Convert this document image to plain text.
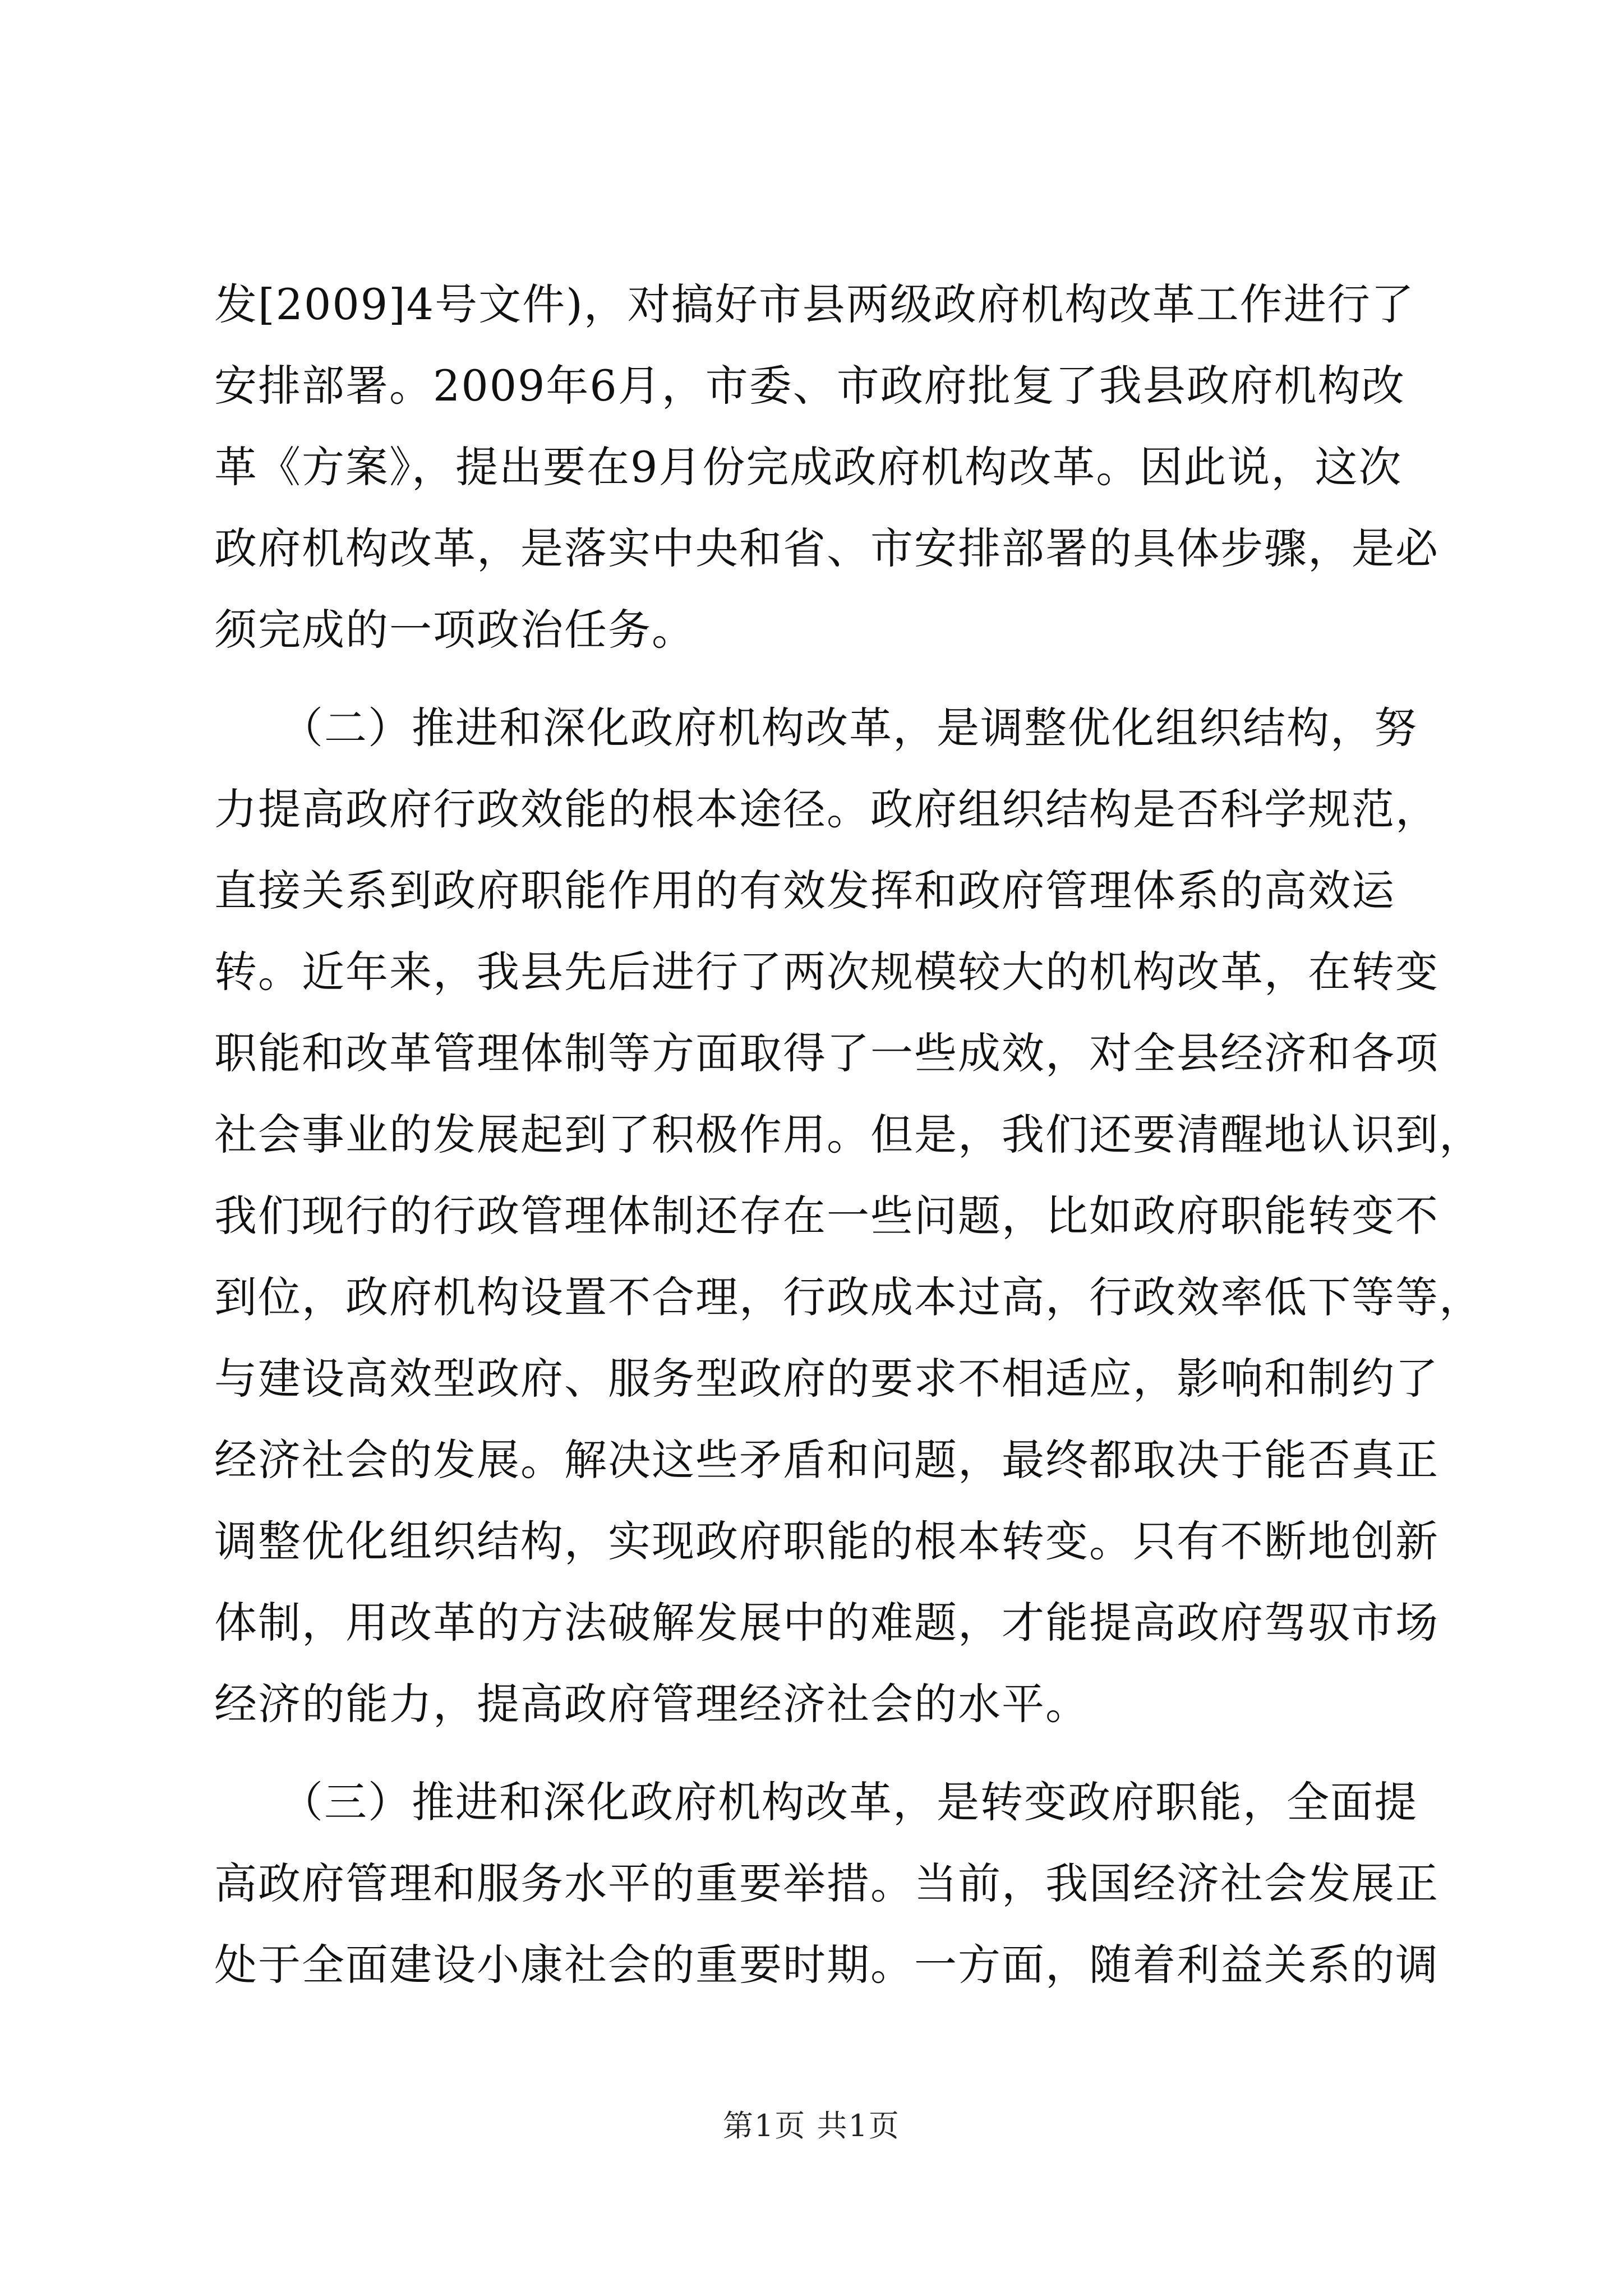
发[2009]4号文件)，对搞好市县两级政府机构改革工作进行了
安排部署。2009年6月，市委、市政府批复了我县政府机构改
革《方案》，提出要在9月份完成政府机构改革。因此说，这次
政府机构改革，是落实中央和省、市安排部署的具体步骤，是必
须完成的一项政治任务。
　　（二）推进和深化政府机构改革，是调整优化组织结构，努
力提高政府行政效能的根本途径。政府组织结构是否科学规范，
直接关系到政府职能作用的有效发挥和政府管理体系的高效运
转。近年来，我县先后进行了两次规模较大的机构改革，在转变
职能和改革管理体制等方面取得了一些成效，对全县经济和各项
社会事业的发展起到了积极作用。但是，我们还要清醒地认识到，
我们现行的行政管理体制还存在一些问题，比如政府职能转变不
到位，政府机构设置不合理，行政成本过高，行政效率低下等等，
与建设高效型政府、服务型政府的要求不相适应，影响和制约了
经济社会的发展。解决这些矛盾和问题，最终都取决于能否真正
调整优化组织结构，实现政府职能的根本转变。只有不断地创新
体制，用改革的方法破解发展中的难题，才能提高政府驾驭市场
经济的能力，提高政府管理经济社会的水平。
　　（三）推进和深化政府机构改革，是转变政府职能，全面提
高政府管理和服务水平的重要举措。当前，我国经济社会发展正
处于全面建设小康社会的重要时期。一方面，随着利益关系的调
第1页 共1页
